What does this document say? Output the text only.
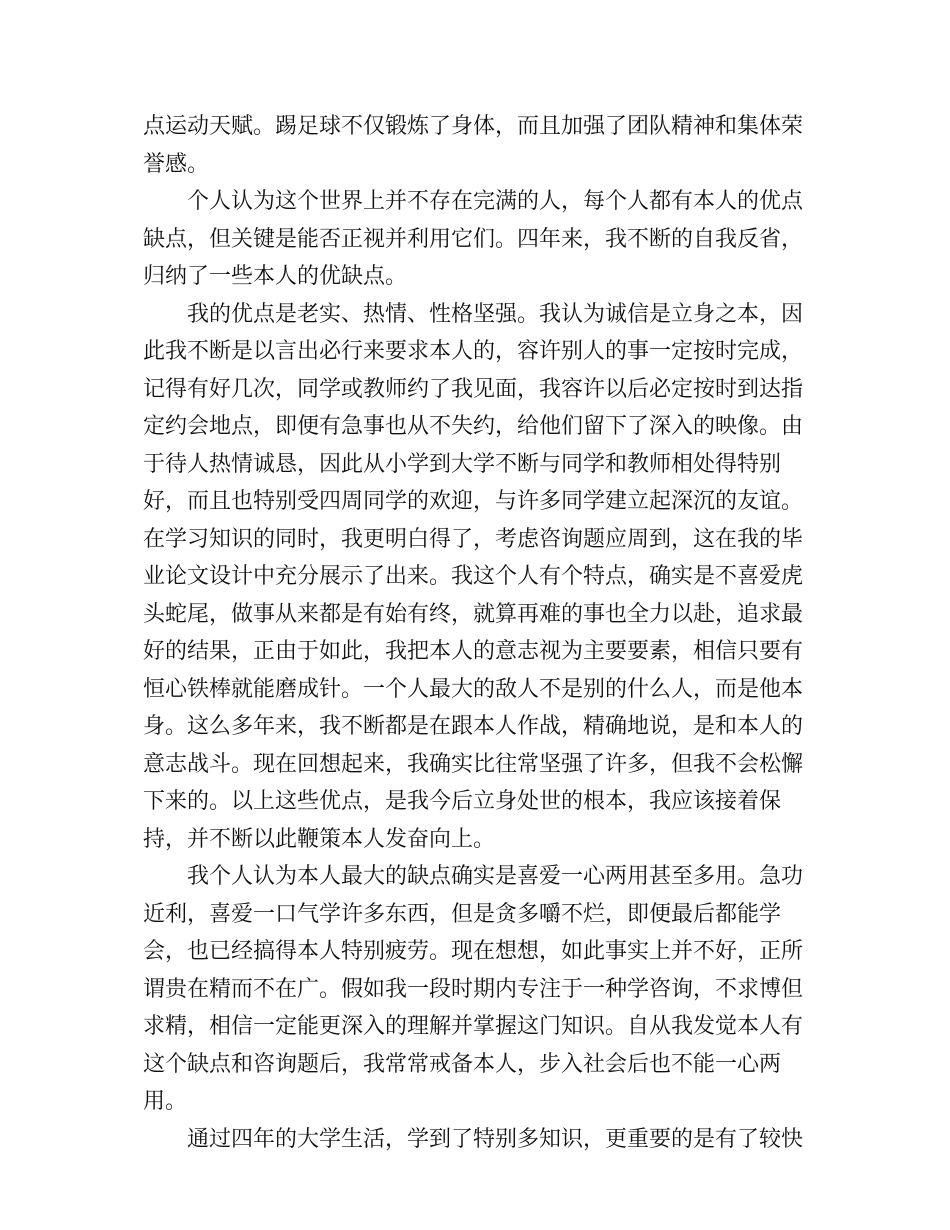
点运动天赋。踢足球不仅锻炼了身体，而且加强了团队精神和集体荣誉感。

个人认为这个世界上并不存在完满的人，每个人都有本人的优点缺点，但关键是能否正视并利用它们。四年来，我不断的自我反省，归纳了一些本人的优缺点。

我的优点是老实、热情、性格坚强。我认为诚信是立身之本，因此我不断是以言出必行来要求本人的，容许别人的事一定按时完成，记得有好几次，同学或教师约了我见面，我容许以后必定按时到达指定约会地点，即便有急事也从不失约，给他们留下了深入的映像。由于待人热情诚恳，因此从小学到大学不断与同学和教师相处得特别好，而且也特别受四周同学的欢迎，与许多同学建立起深沉的友谊。在学习知识的同时，我更明白得了，考虑咨询题应周到，这在我的毕业论文设计中充分展示了出来。我这个人有个特点，确实是不喜爱虎头蛇尾，做事从来都是有始有终，就算再难的事也全力以赴，追求最好的结果，正由于如此，我把本人的意志视为主要要素，相信只要有恒心铁棒就能磨成针。一个人最大的敌人不是别的什么人，而是他本身。这么多年来，我不断都是在跟本人作战，精确地说，是和本人的意志战斗。现在回想起来，我确实比往常坚强了许多，但我不会松懈下来的。以上这些优点，是我今后立身处世的根本，我应该接着保持，并不断以此鞭策本人发奋向上。

我个人认为本人最大的缺点确实是喜爱一心两用甚至多用。急功近利，喜爱一口气学许多东西，但是贪多嚼不烂，即便最后都能学会，也已经搞得本人特别疲劳。现在想想，如此事实上并不好，正所谓贵在精而不在广。假如我一段时期内专注于一种学咨询，不求博但求精，相信一定能更深入的理解并掌握这门知识。自从我发觉本人有这个缺点和咨询题后，我常常戒备本人，步入社会后也不能一心两用。

通过四年的大学生活，学到了特别多知识，更重要的是有了较快
